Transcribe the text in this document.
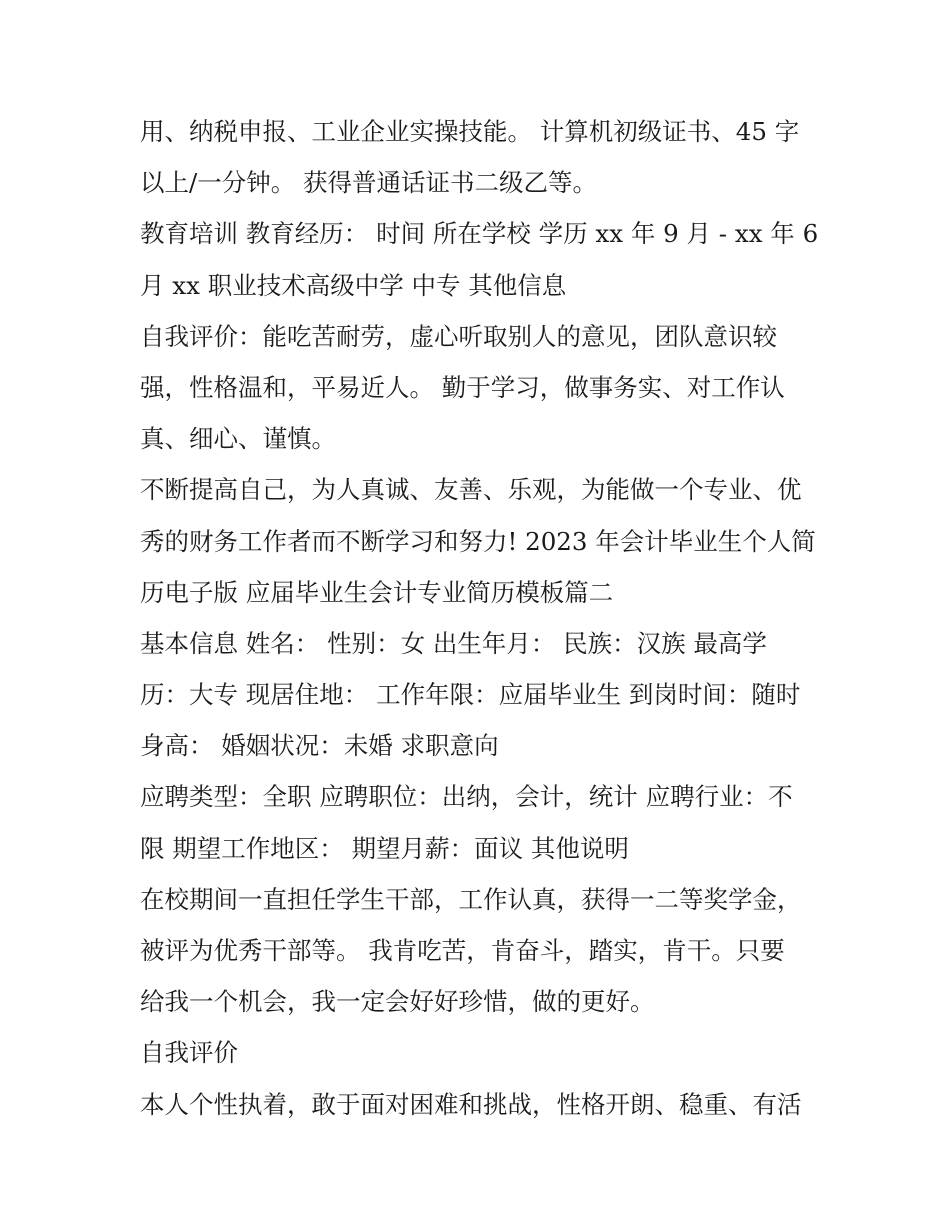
用、纳税申报、工业企业实操技能。 计算机初级证书、45 字
以上/一分钟。 获得普通话证书二级乙等。
教育培训 教育经历： 时间 所在学校 学历 xx 年 9 月 - xx 年 6
月 xx 职业技术高级中学 中专 其他信息
自我评价：能吃苦耐劳，虚心听取别人的意见，团队意识较
强，性格温和，平易近人。 勤于学习，做事务实、对工作认
真、细心、谨慎。
不断提高自己，为人真诚、友善、乐观，为能做一个专业、优
秀的财务工作者而不断学习和努力! 2023 年会计毕业生个人简
历电子版 应届毕业生会计专业简历模板篇二
基本信息 姓名： 性别：女 出生年月： 民族：汉族 最高学
历：大专 现居住地： 工作年限：应届毕业生 到岗时间：随时
身高： 婚姻状况：未婚 求职意向
应聘类型：全职 应聘职位：出纳，会计，统计 应聘行业：不
限 期望工作地区： 期望月薪：面议 其他说明
在校期间一直担任学生干部，工作认真，获得一二等奖学金，
被评为优秀干部等。 我肯吃苦，肯奋斗，踏实，肯干。只要
给我一个机会，我一定会好好珍惜，做的更好。
自我评价
本人个性执着，敢于面对困难和挑战，性格开朗、稳重、有活
